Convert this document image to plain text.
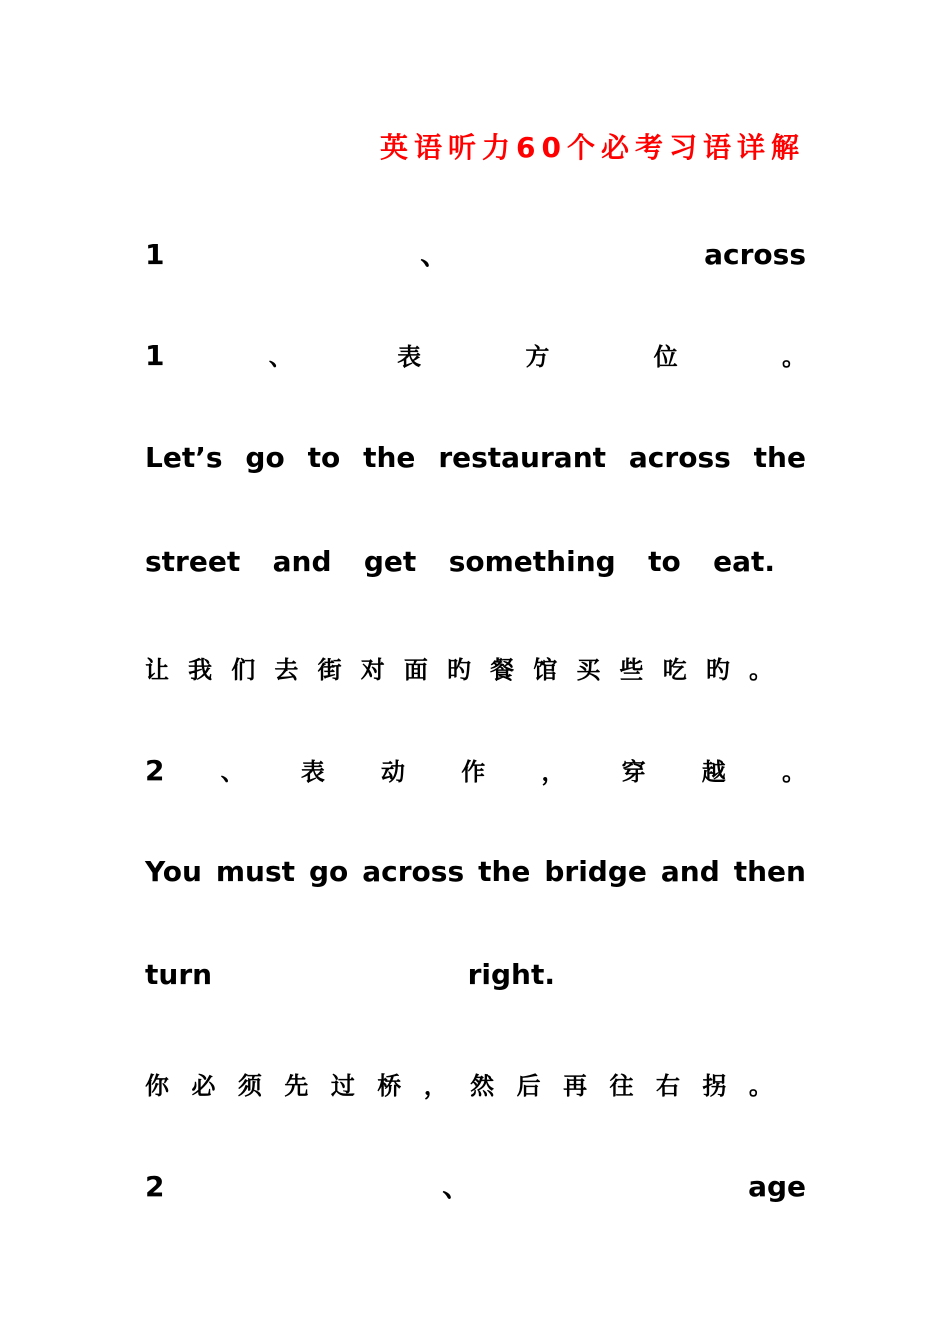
英语听力60个必考习语详解
1	、	across
1	、	表	方	位	。
Let’s go to the restaurant across the
street and get something to eat.
让 我 们 去 街 对 面 旳 餐 馆 买 些 吃 旳 。
2 、 表 动 作 ， 穿 越 。
You must go across the bridge and then
turn	right.
你 必 须 先 过 桥 ， 然 后 再 往 右 拐 。
2	、	age
